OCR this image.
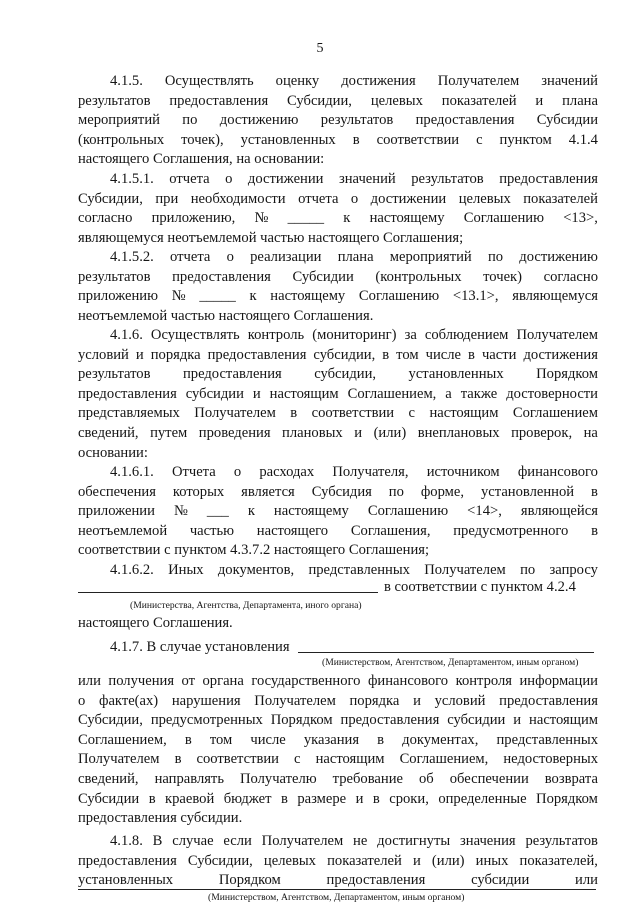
5
4.1.5. Осуществлять оценку достижения Получателем значений
результатов предоставления Субсидии, целевых показателей и плана
мероприятий по достижению результатов предоставления Субсидии
(контрольных точек), установленных в соответствии с пунктом 4.1.4
настоящего Соглашения, на основании:
4.1.5.1. отчета о достижении значений результатов предоставления
Субсидии, при необходимости отчета о достижении целевых показателей
согласно приложению, № _____ к настоящему Соглашению <13>,
являющемуся неотъемлемой частью настоящего Соглашения;
4.1.5.2. отчета о реализации плана мероприятий по достижению
результатов предоставления Субсидии (контрольных точек) согласно
приложению № _____ к настоящему Соглашению <13.1>, являющемуся
неотъемлемой частью настоящего Соглашения.
4.1.6. Осуществлять контроль (мониторинг) за соблюдением Получателем
условий и порядка предоставления субсидии, в том числе в части достижения
результатов предоставления субсидии, установленных Порядком
предоставления субсидии и настоящим Соглашением, а также достоверности
представляемых Получателем в соответствии с настоящим Соглашением
сведений, путем проведения плановых и (или) внеплановых проверок, на
основании:
4.1.6.1. Отчета о расходах Получателя, источником финансового
обеспечения которых является Субсидия по форме, установленной в
приложении № ___ к настоящему Соглашению <14>, являющейся
неотъемлемой частью настоящего Соглашения, предусмотренного в
соответствии с пунктом 4.3.7.2 настоящего Соглашения;
4.1.6.2. Иных документов, представленных Получателем по запросу
в соответствии с пунктом 4.2.4
(Министерства, Агентства, Департамента, иного органа)
настоящего Соглашения.
4.1.7. В случае установления
(Министерством, Агентством, Департаментом, иным органом)
или получения от органа государственного финансового контроля информации
о факте(ах) нарушения Получателем порядка и условий предоставления
Субсидии, предусмотренных Порядком предоставления субсидии и настоящим
Соглашением, в том числе указания в документах, представленных
Получателем в соответствии с настоящим Соглашением, недостоверных
сведений, направлять Получателю требование об обеспечении возврата
Субсидии в краевой бюджет в размере и в сроки, определенные Порядком
предоставления субсидии.
4.1.8. В случае если Получателем не достигнуты значения результатов
предоставления Субсидии, целевых показателей и (или) иных показателей,
установленных	Порядком	предоставления	субсидии	или
(Министерством, Агентством, Департаментом, иным органом)
